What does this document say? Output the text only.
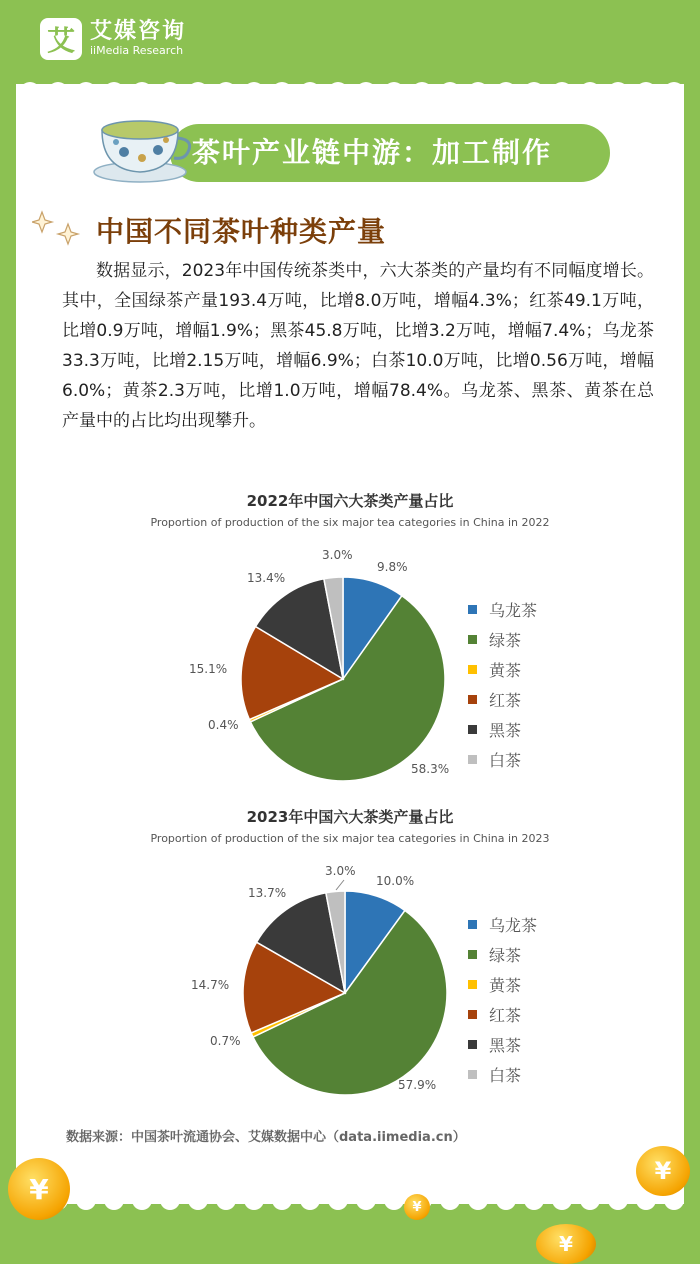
艾 艾媒咨询
iiMedia Research
茶叶产业链中游：加工制作
中国不同茶叶种类产量
数据显示，2023年中国传统茶类中，六大茶类的产量均有不同幅度增长。其中，全国绿茶产量193.4万吨，比增8.0万吨，增幅4.3%；红茶49.1万吨，比增0.9万吨，增幅1.9%；黑茶45.8万吨，比增3.2万吨，增幅7.4%；乌龙茶33.3万吨，比增2.15万吨，增幅6.9%；白茶10.0万吨，比增0.56万吨，增幅6.0%；黄茶2.3万吨，比增1.0万吨，增幅78.4%。乌龙茶、黑茶、黄茶在总产量中的占比均出现攀升。
2022年中国六大茶类产量占比
Proportion of production of the six major tea categories in China in 2022
9.8%
58.3%
0.4%
15.1%
13.4%
3.0%
乌龙茶
绿茶
黄茶
红茶
黑茶
白茶
2023年中国六大茶类产量占比
Proportion of production of the six major tea categories in China in 2023
10.0%
57.9%
0.7%
14.7%
13.7%
3.0%
乌龙茶
绿茶
黄茶
红茶
黑茶
白茶
数据来源：中国茶叶流通协会、艾媒数据中心（data.iimedia.cn）
¥
¥
¥
¥
